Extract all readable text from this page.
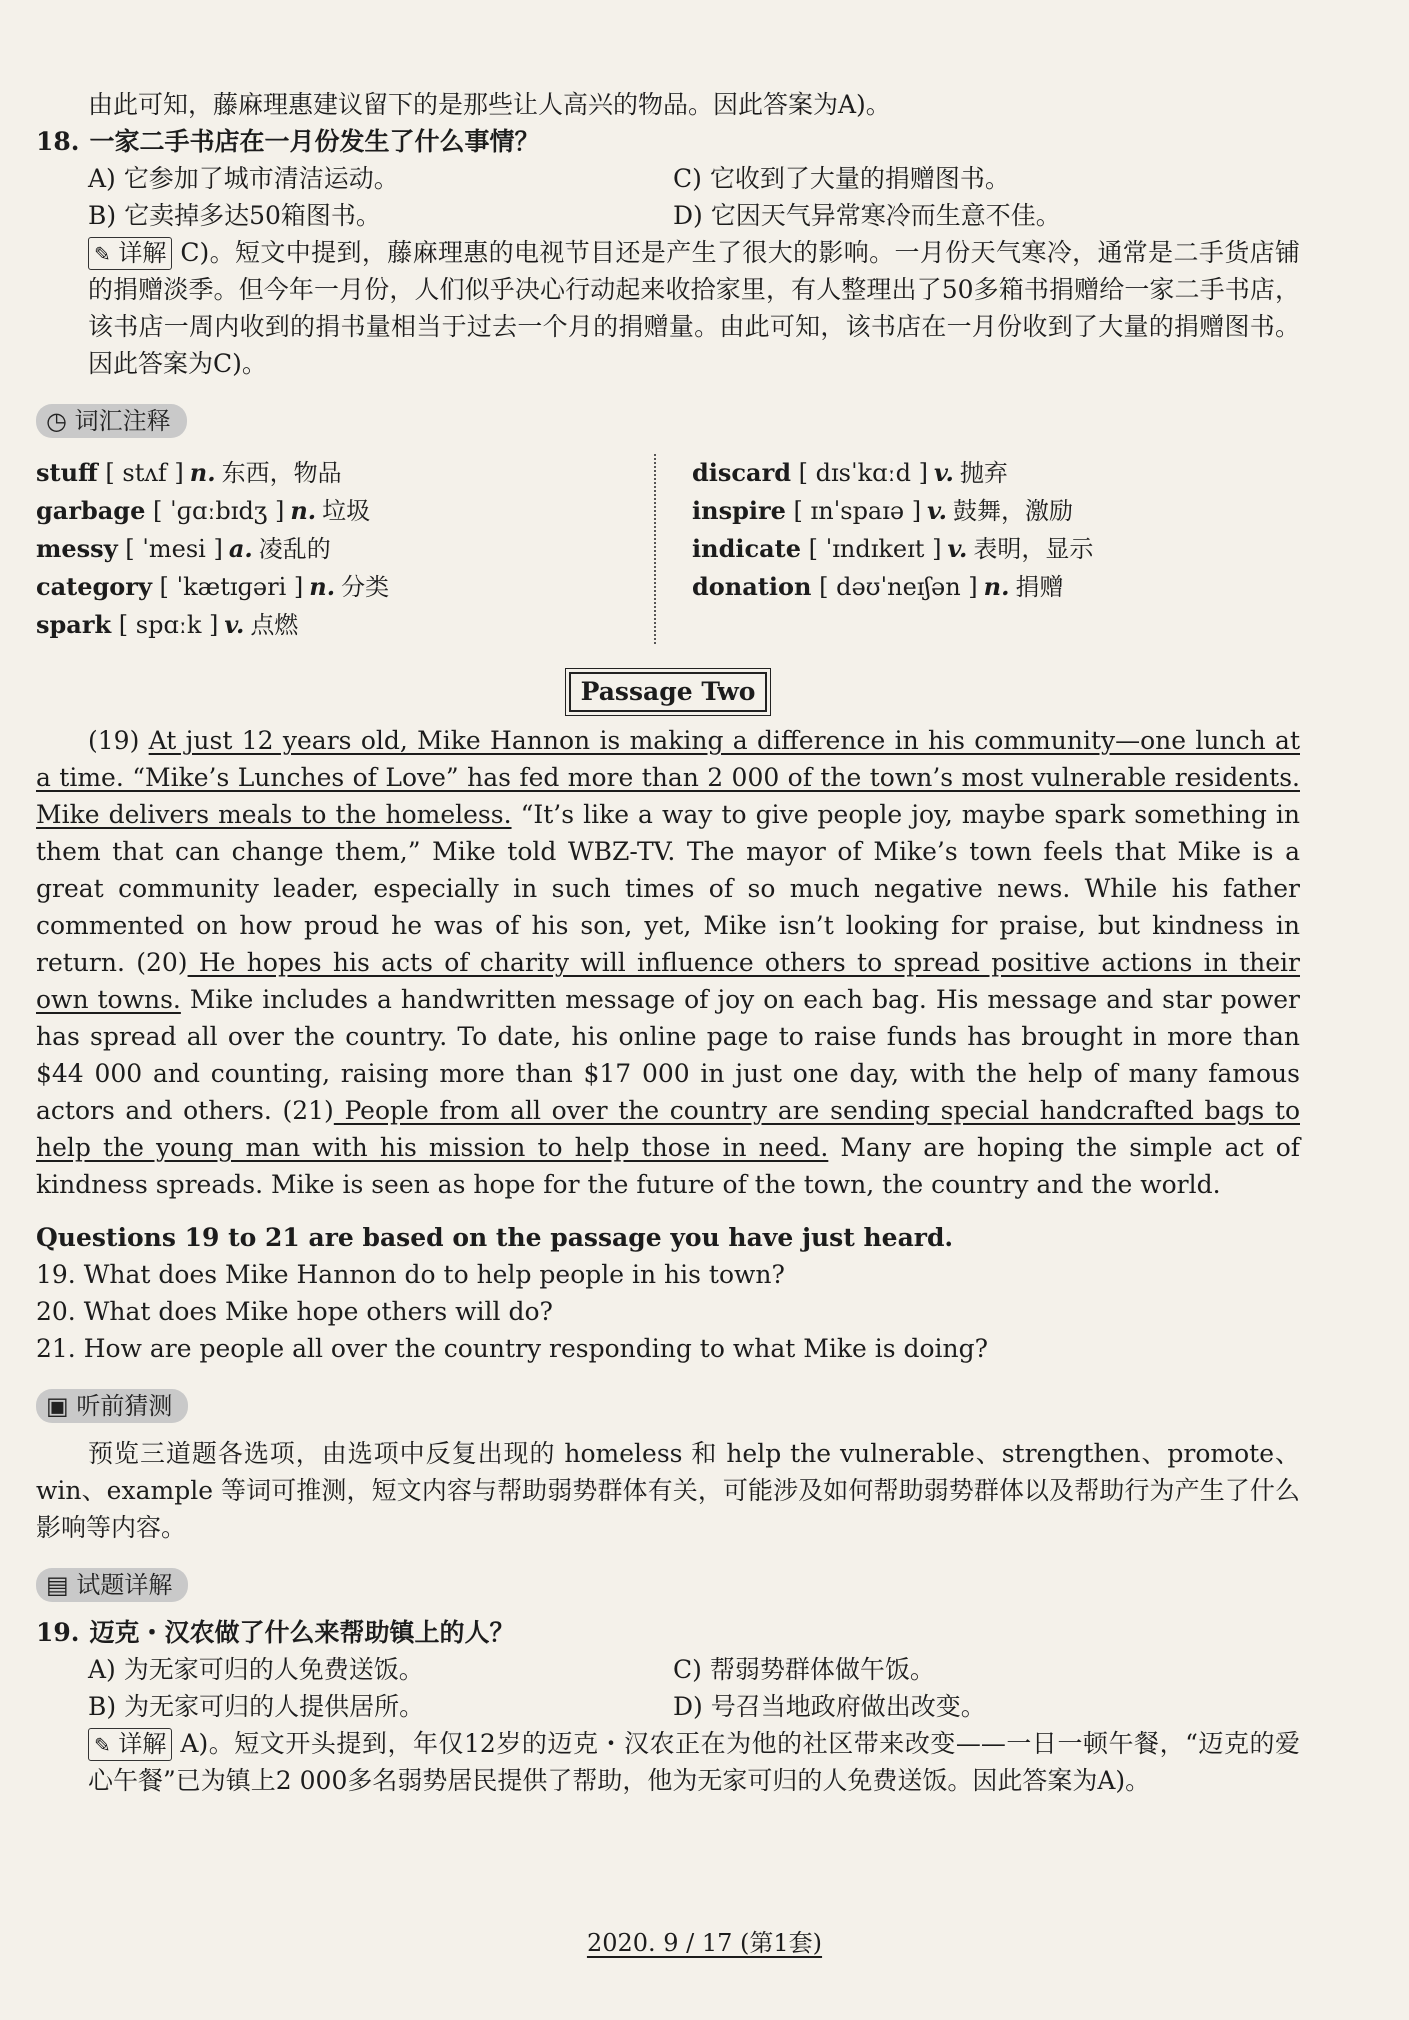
由此可知，藤麻理惠建议留下的是那些让人高兴的物品。因此答案为A)。

18. 一家二手书店在一月份发生了什么事情？

A) 它参加了城市清洁运动。	C) 它收到了大量的捐赠图书。
B) 它卖掉多达50箱图书。	D) 它因天气异常寒冷而生意不佳。

✎ 详解 C)。短文中提到，藤麻理惠的电视节目还是产生了很大的影响。一月份天气寒冷，通常是二手货店铺的捐赠淡季。但今年一月份，人们似乎决心行动起来收拾家里，有人整理出了50多箱书捐赠给一家二手书店，该书店一周内收到的捐书量相当于过去一个月的捐赠量。由此可知，该书店在一月份收到了大量的捐赠图书。因此答案为C)。

◷ 词汇注释
stuff [ stʌf ] n. 东西，物品
garbage [ ˈɡɑːbɪdʒ ] n. 垃圾
messy [ ˈmesi ] a. 凌乱的
category [ ˈkætɪɡəri ] n. 分类
spark [ spɑːk ] v. 点燃
discard [ dɪsˈkɑːd ] v. 抛弃
inspire [ ɪnˈspaɪə ] v. 鼓舞，激励
indicate [ ˈɪndɪkeɪt ] v. 表明，显示
donation [ dəʊˈneɪʃən ] n. 捐赠
Passage Two

(19) At just 12 years old, Mike Hannon is making a difference in his community—one lunch at a time. “Mike’s Lunches of Love” has fed more than 2 000 of the town’s most vulnerable residents. Mike delivers meals to the homeless. “It’s like a way to give people joy, maybe spark something in them that can change them,” Mike told WBZ-TV. The mayor of Mike’s town feels that Mike is a great community leader, especially in such times of so much negative news. While his father commented on how proud he was of his son, yet, Mike isn’t looking for praise, but kindness in return. (20) He hopes his acts of charity will influence others to spread positive actions in their own towns. Mike includes a handwritten message of joy on each bag. His message and star power has spread all over the country. To date, his online page to raise funds has brought in more than $44 000 and counting, raising more than $17 000 in just one day, with the help of many famous actors and others. (21) People from all over the country are sending special handcrafted bags to help the young man with his mission to help those in need. Many are hoping the simple act of kindness spreads. Mike is seen as hope for the future of the town, the country and the world.

Questions 19 to 21 are based on the passage you have just heard.

19. What does Mike Hannon do to help people in his town?
20. What does Mike hope others will do?
21. How are people all over the country responding to what Mike is doing?
▣ 听前猜测

预览三道题各选项，由选项中反复出现的 homeless 和 help the vulnerable、strengthen、promote、win、example 等词可推测，短文内容与帮助弱势群体有关，可能涉及如何帮助弱势群体以及帮助行为产生了什么影响等内容。

▤ 试题详解

19. 迈克・汉农做了什么来帮助镇上的人？

A) 为无家可归的人免费送饭。	C) 帮弱势群体做午饭。
B) 为无家可归的人提供居所。	D) 号召当地政府做出改变。

✎ 详解 A)。短文开头提到，年仅12岁的迈克・汉农正在为他的社区带来改变——一日一顿午餐，“迈克的爱心午餐”已为镇上2 000多名弱势居民提供了帮助，他为无家可归的人免费送饭。因此答案为A)。

2020. 9 / 17 (第1套)
